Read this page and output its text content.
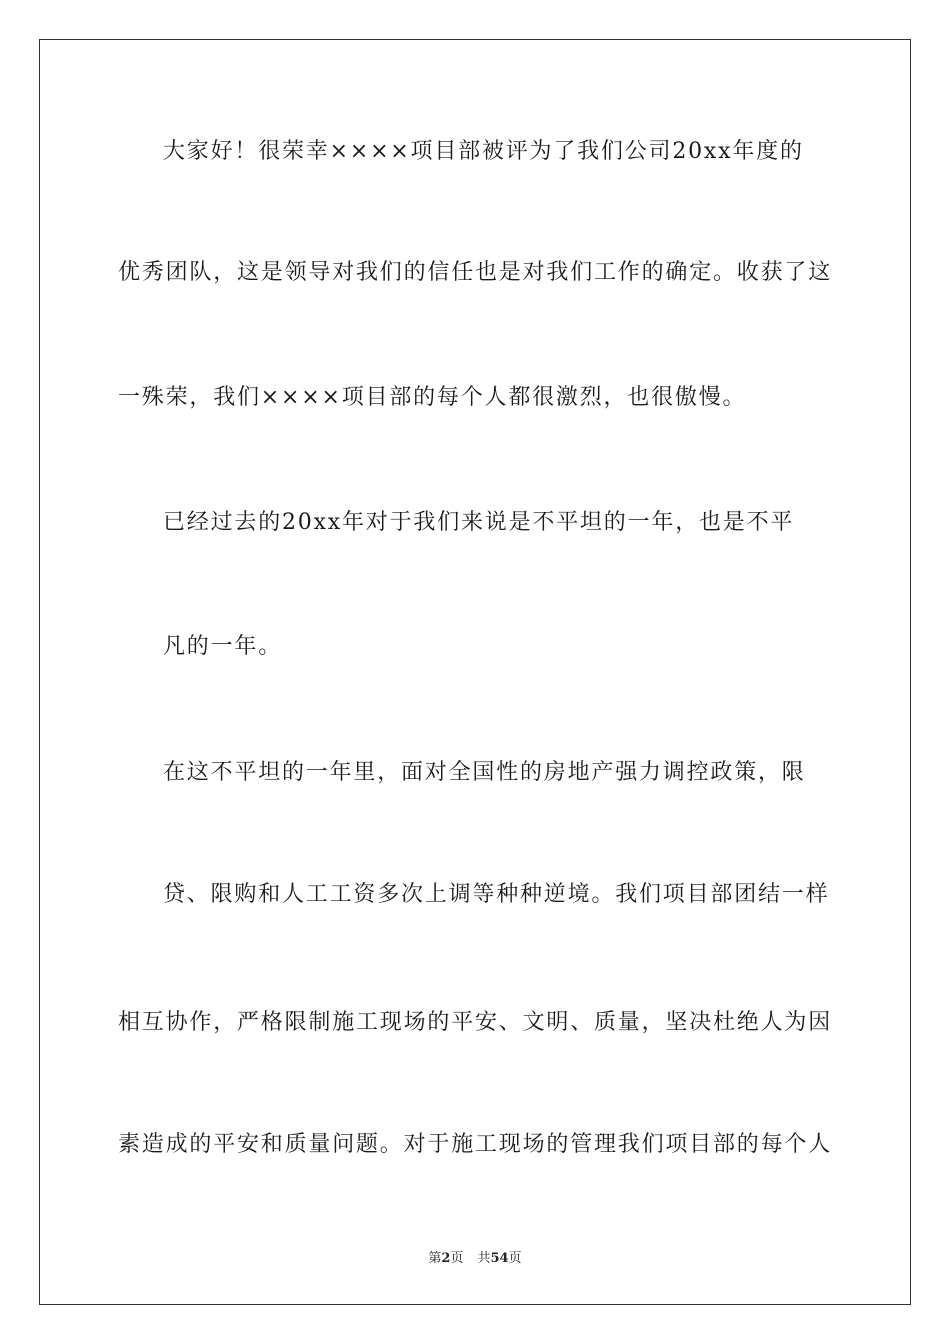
大家好！很荣幸××××项目部被评为了我们公司20xx年度的
优秀团队，这是领导对我们的信任也是对我们工作的确定。收获了这
一殊荣，我们××××项目部的每个人都很激烈，也很傲慢。
已经过去的20xx年对于我们来说是不平坦的一年，也是不平
凡的一年。
在这不平坦的一年里，面对全国性的房地产强力调控政策，限
贷、限购和人工工资多次上调等种种逆境。我们项目部团结一样
相互协作，严格限制施工现场的平安、文明、质量，坚决杜绝人为因
素造成的平安和质量问题。对于施工现场的管理我们项目部的每个人
第2页 共54页
